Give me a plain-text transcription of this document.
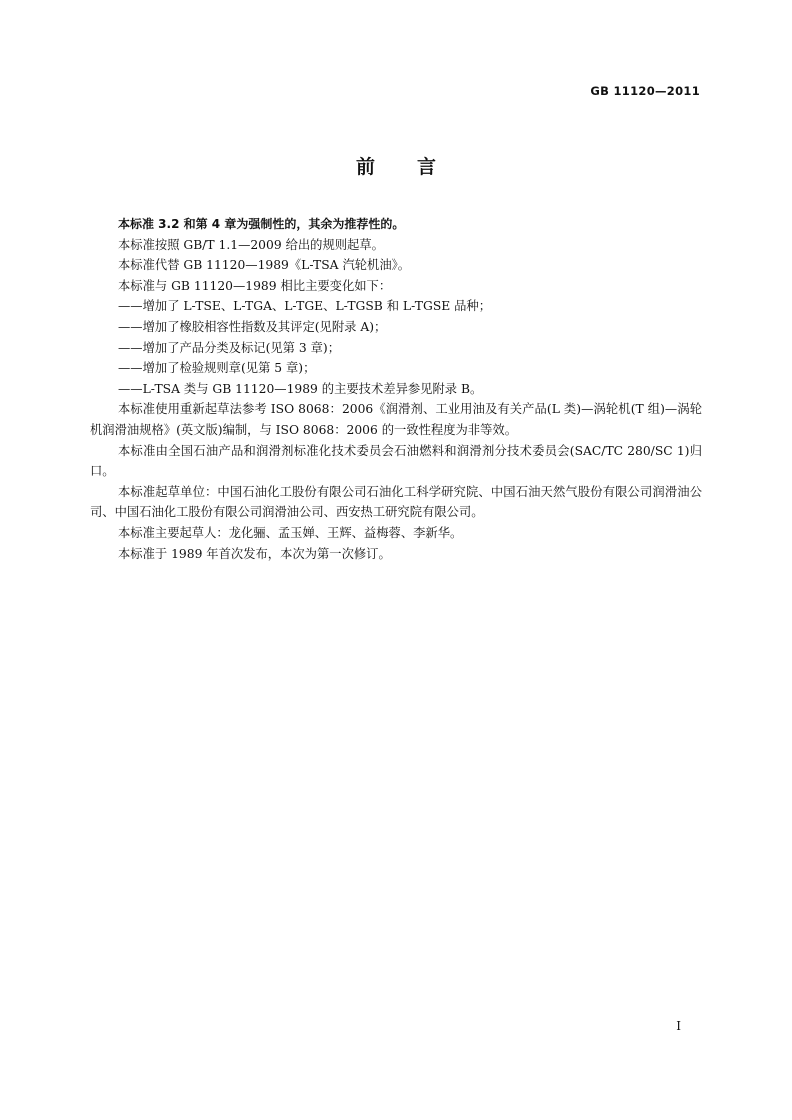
GB 11120—2011
前 言

本标准 3.2 和第 4 章为强制性的，其余为推荐性的。

本标准按照 GB/T 1.1—2009 给出的规则起草。

本标准代替 GB 11120—1989《L-TSA 汽轮机油》。

本标准与 GB 11120—1989 相比主要变化如下：

——增加了 L-TSE、L-TGA、L-TGE、L-TGSB 和 L-TGSE 品种；

——增加了橡胶相容性指数及其评定(见附录 A)；

——增加了产品分类及标记(见第 3 章)；

——增加了检验规则章(见第 5 章)；

——L-TSA 类与 GB 11120—1989 的主要技术差异参见附录 B。

本标准使用重新起草法参考 ISO 8068：2006《润滑剂、工业用油及有关产品(L 类)—涡轮机(T 组)—涡轮机润滑油规格》(英文版)编制，与 ISO 8068：2006 的一致性程度为非等效。

本标准由全国石油产品和润滑剂标准化技术委员会石油燃料和润滑剂分技术委员会(SAC/TC 280/SC 1)归口。

本标准起草单位：中国石油化工股份有限公司石油化工科学研究院、中国石油天然气股份有限公司润滑油公司、中国石油化工股份有限公司润滑油公司、西安热工研究院有限公司。

本标准主要起草人：龙化骊、孟玉婵、王辉、益梅蓉、李新华。

本标准于 1989 年首次发布，本次为第一次修订。

I
